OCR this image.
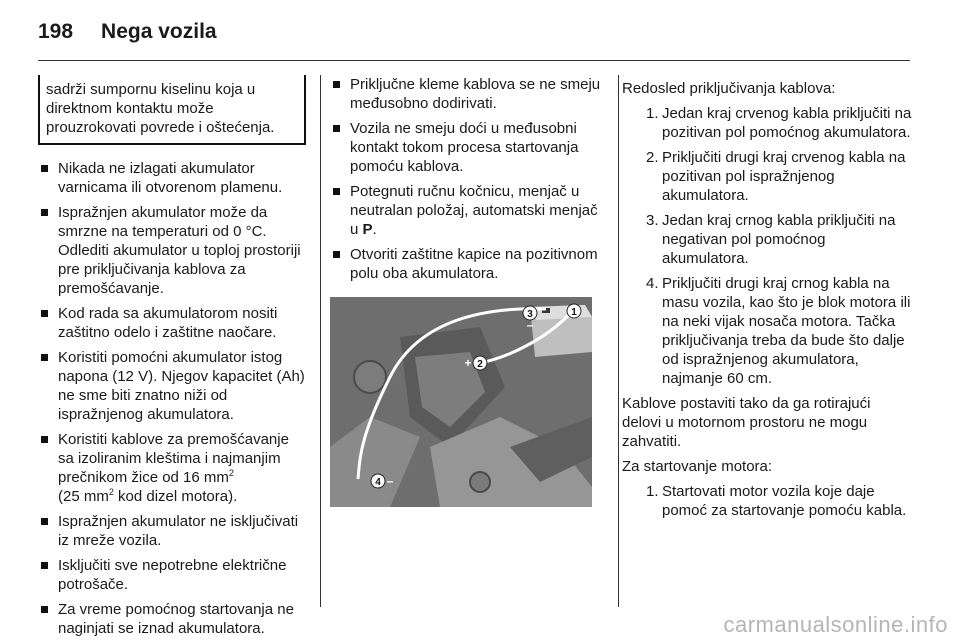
198 Nega vozila
sadrži sumpornu kiselinu koja u direktnom kontaktu može prouzrokovati povrede i oštećenja.
Nikada ne izlagati akumulator varnicama ili otvorenom plamenu.
Ispražnjen akumulator može da smrzne na temperaturi od 0 °C. Odlediti akumulator u toploj prostoriji pre priključivanja kablova za premošćavanje.
Kod rada sa akumulatorom nositi zaštitno odelo i zaštitne naočare.
Koristiti pomoćni akumulator istog napona (12 V). Njegov kapacitet (Ah) ne sme biti znatno niži od ispražnjenog akumulatora.
Koristiti kablove za premošćavanje sa izoliranim kleštima i najmanjim prečnikom žice od 16 $mm^2$
(25 $mm^2$ kod dizel motora).
Ispražnjen akumulator ne isključivati iz mreže vozila.
Isključiti sve nepotrebne električne potrošače.
Za vreme pomoćnog startovanja ne naginjati se iznad akumulatora.
Priključne kleme kablova se ne smeju međusobno dodirivati.
Vozila ne smeju doći u međusobni kontakt tokom procesa startovanja pomoću kablova.
Potegnuti ručnu kočnicu, menjač u neutralan položaj, automatski menjač u P.
Otvoriti zaštitne kapice na pozitivnom polu oba akumulatora.
1
2
+
3
–
4 –
Redosled priključivanja kablova:
1. Jedan kraj crvenog kabla priključiti na pozitivan pol pomoćnog akumulatora.
2. Priključiti drugi kraj crvenog kabla na pozitivan pol ispražnjenog akumulatora.
3. Jedan kraj crnog kabla priključiti na negativan pol pomoćnog akumulatora.
4. Priključiti drugi kraj crnog kabla na masu vozila, kao što je blok motora ili na neki vijak nosača motora. Tačka priključivanja treba da bude što dalje od ispražnjenog akumulatora, najmanje 60 cm.
Kablove postaviti tako da ga rotirajući delovi u motornom prostoru ne mogu zahvatiti.
Za startovanje motora:
1. Startovati motor vozila koje daje pomoć za startovanje pomoću kabla.
carmanualsonline.info
